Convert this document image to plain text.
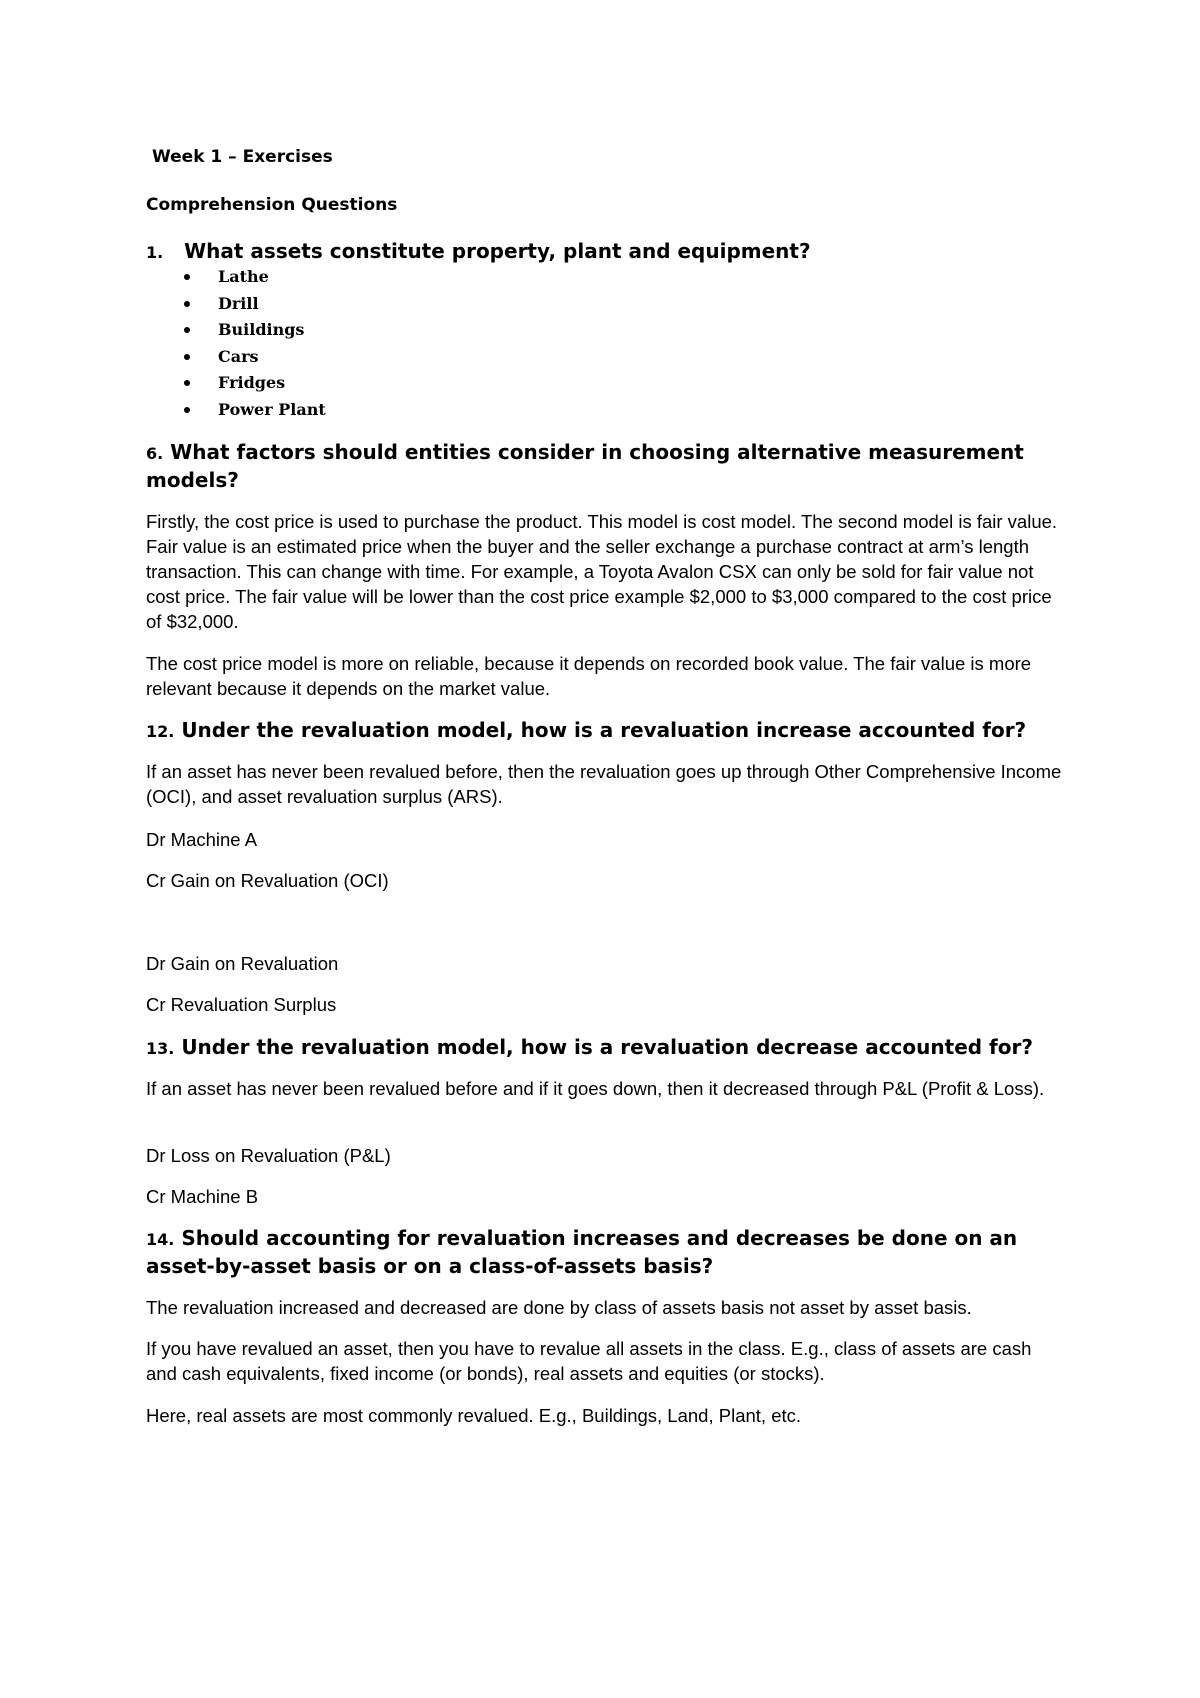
Week 1 – Exercises
Comprehension Questions
1. What assets constitute property, plant and equipment?
Lathe
Drill
Buildings
Cars
Fridges
Power Plant
6. What factors should entities consider in choosing alternative measurement models?
Firstly, the cost price is used to purchase the product. This model is cost model. The second model is fair value. Fair value is an estimated price when the buyer and the seller exchange a purchase contract at arm’s length transaction. This can change with time. For example, a Toyota Avalon CSX can only be sold for fair value not cost price. The fair value will be lower than the cost price example $2,000 to $3,000 compared to the cost price of $32,000.
The cost price model is more on reliable, because it depends on recorded book value. The fair value is more relevant because it depends on the market value.
12. Under the revaluation model, how is a revaluation increase accounted for?
If an asset has never been revalued before, then the revaluation goes up through Other Comprehensive Income (OCI), and asset revaluation surplus (ARS).
Dr Machine A
Cr Gain on Revaluation (OCI)
Dr Gain on Revaluation
Cr Revaluation Surplus
13. Under the revaluation model, how is a revaluation decrease accounted for?
If an asset has never been revalued before and if it goes down, then it decreased through P&L (Profit & Loss).
Dr Loss on Revaluation (P&L)
Cr Machine B
14. Should accounting for revaluation increases and decreases be done on an asset-by-asset basis or on a class-of-assets basis?
The revaluation increased and decreased are done by class of assets basis not asset by asset basis.
If you have revalued an asset, then you have to revalue all assets in the class. E.g., class of assets are cash and cash equivalents, fixed income (or bonds), real assets and equities (or stocks).
Here, real assets are most commonly revalued. E.g., Buildings, Land, Plant, etc.
